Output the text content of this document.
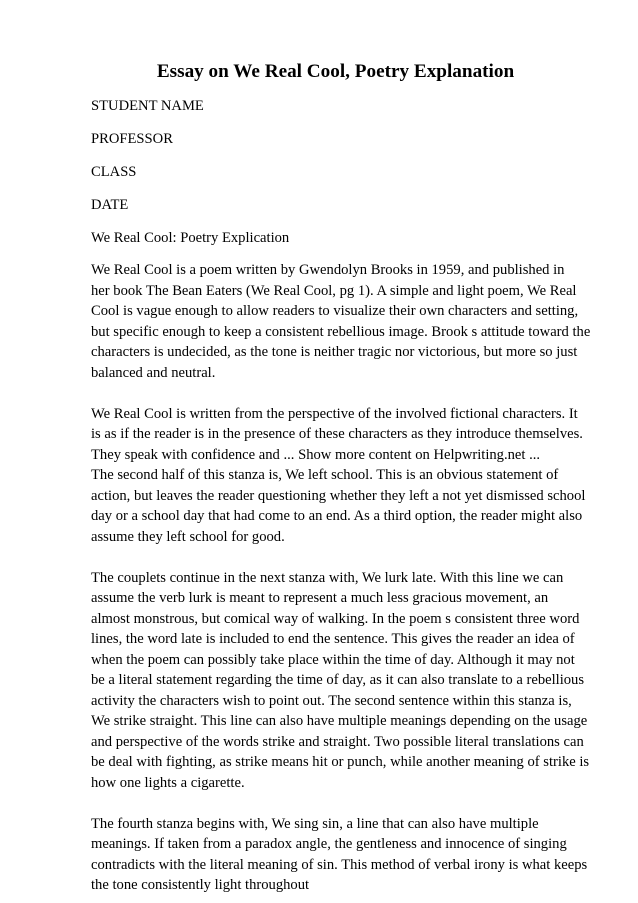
Essay on We Real Cool, Poetry Explanation
STUDENT NAME
PROFESSOR
CLASS
DATE
We Real Cool: Poetry Explication
We Real Cool is a poem written by Gwendolyn Brooks in 1959, and published in
her book The Bean Eaters (We Real Cool, pg 1). A simple and light poem, We Real
Cool is vague enough to allow readers to visualize their own characters and setting,
but specific enough to keep a consistent rebellious image. Brook s attitude toward the
characters is undecided, as the tone is neither tragic nor victorious, but more so just
balanced and neutral.
We Real Cool is written from the perspective of the involved fictional characters. It
is as if the reader is in the presence of these characters as they introduce themselves.
They speak with confidence and ... Show more content on Helpwriting.net ...
The second half of this stanza is, We left school. This is an obvious statement of
action, but leaves the reader questioning whether they left a not yet dismissed school
day or a school day that had come to an end. As a third option, the reader might also
assume they left school for good.
The couplets continue in the next stanza with, We lurk late. With this line we can
assume the verb lurk is meant to represent a much less gracious movement, an
almost monstrous, but comical way of walking. In the poem s consistent three word
lines, the word late is included to end the sentence. This gives the reader an idea of
when the poem can possibly take place within the time of day. Although it may not
be a literal statement regarding the time of day, as it can also translate to a rebellious
activity the characters wish to point out. The second sentence within this stanza is,
We strike straight. This line can also have multiple meanings depending on the usage
and perspective of the words strike and straight. Two possible literal translations can
be deal with fighting, as strike means hit or punch, while another meaning of strike is
how one lights a cigarette.
The fourth stanza begins with, We sing sin, a line that can also have multiple
meanings. If taken from a paradox angle, the gentleness and innocence of singing
contradicts with the literal meaning of sin. This method of verbal irony is what keeps
the tone consistently light throughout
